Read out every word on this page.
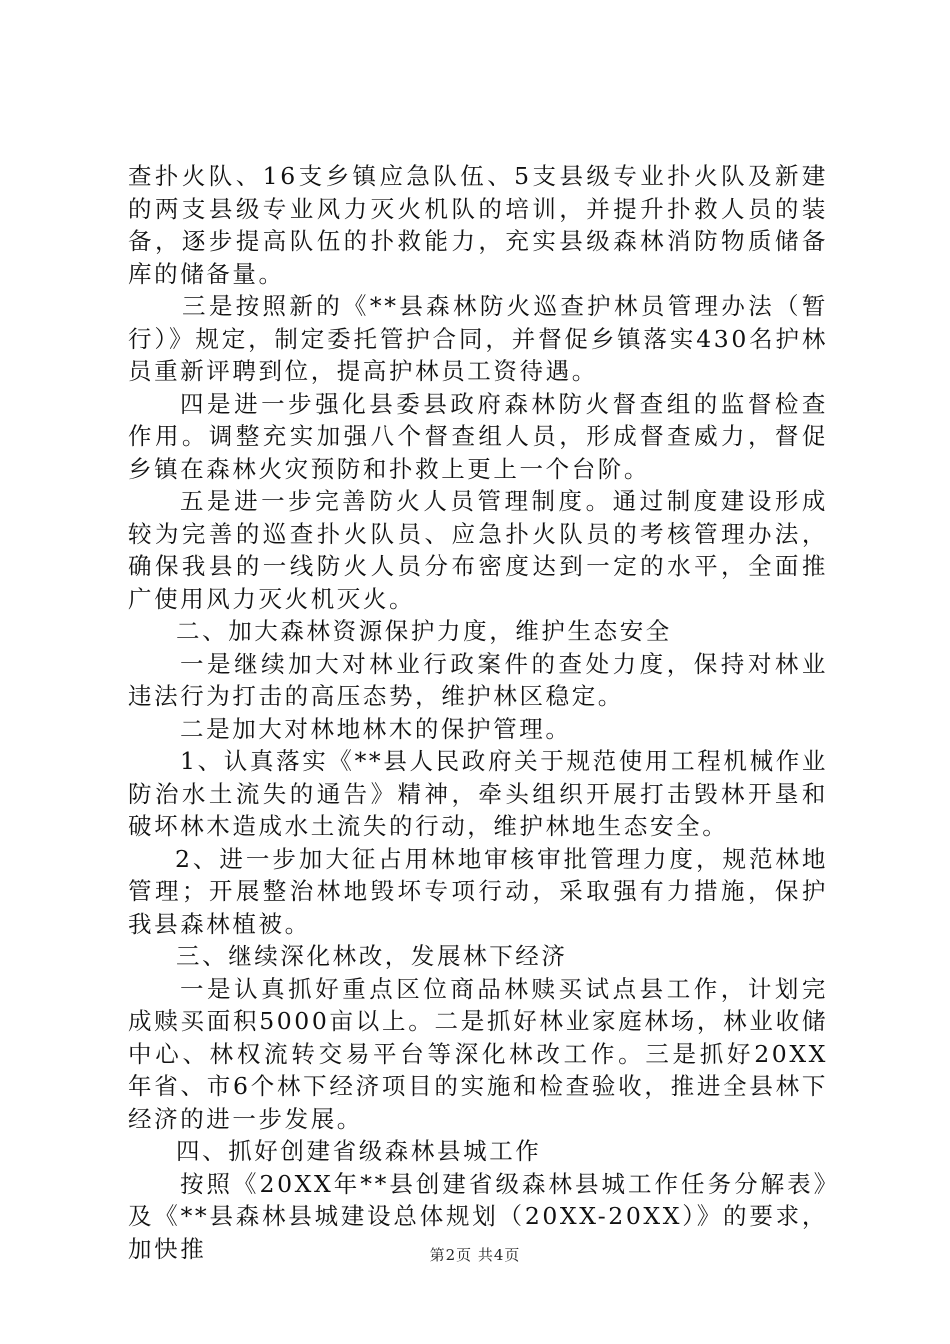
查扑火队、16支乡镇应急队伍、5支县级专业扑火队及新建的两支县级专业风力灭火机队的培训，并提升扑救人员的装备，逐步提高队伍的扑救能力，充实县级森林消防物质储备库的储备量。

三是按照新的《**县森林防火巡查护林员管理办法（暂行）》规定，制定委托管护合同，并督促乡镇落实430名护林员重新评聘到位，提高护林员工资待遇。

四是进一步强化县委县政府森林防火督查组的监督检查作用。调整充实加强八个督查组人员，形成督查威力，督促乡镇在森林火灾预防和扑救上更上一个台阶。

五是进一步完善防火人员管理制度。通过制度建设形成较为完善的巡查扑火队员、应急扑火队员的考核管理办法，确保我县的一线防火人员分布密度达到一定的水平，全面推广使用风力灭火机灭火。

二、加大森林资源保护力度，维护生态安全

一是继续加大对林业行政案件的查处力度，保持对林业违法行为打击的高压态势，维护林区稳定。

二是加大对林地林木的保护管理。

1、认真落实《**县人民政府关于规范使用工程机械作业防治水土流失的通告》精神，牵头组织开展打击毁林开垦和破坏林木造成水土流失的行动，维护林地生态安全。

2、进一步加大征占用林地审核审批管理力度，规范林地管理；开展整治林地毁坏专项行动，采取强有力措施，保护我县森林植被。

三、继续深化林改，发展林下经济

一是认真抓好重点区位商品林赎买试点县工作，计划完成赎买面积5000亩以上。二是抓好林业家庭林场，林业收储中心、林权流转交易平台等深化林改工作。三是抓好20XX年省、市6个林下经济项目的实施和检查验收，推进全县林下经济的进一步发展。

四、抓好创建省级森林县城工作

按照《20XX年**县创建省级森林县城工作任务分解表》及《**县森林县城建设总体规划（20XX-20XX）》的要求，加快推	第2页 共4页
